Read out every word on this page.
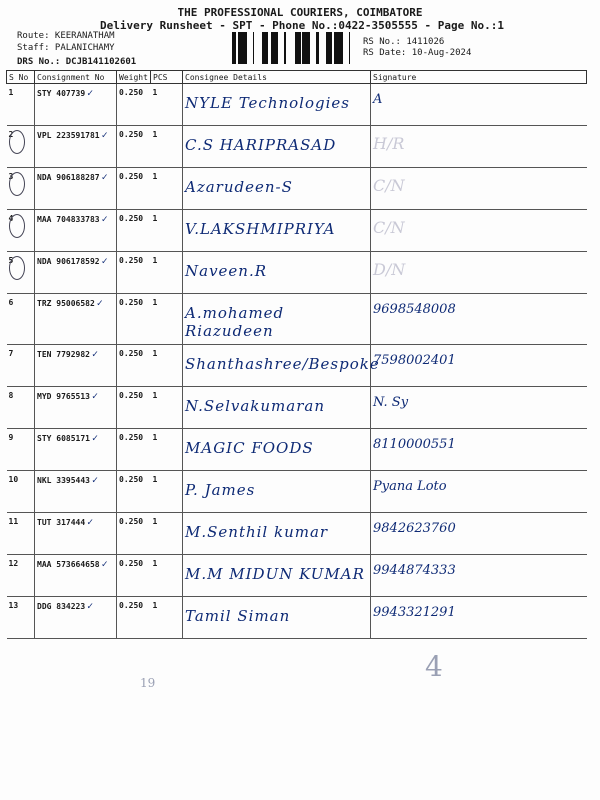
THE PROFESSIONAL COURIERS, COIMBATORE
Delivery Runsheet - SPT - Phone No.:0422-3505555 - Page No.:1
Route: KEERANATHAM
Staff: PALANICHAMY
DRS No.: DCJB141102601
RS No.: 1411026
RS Date: 10-Aug-2024
S No	Consignment No	Weight	PCS	Consignee Details	Signature
1	STY 407739 ✓	0.250	1	NYLE Technologies	A

2	VPL 223591781 ✓	0.250	1	C.S HARIPRASAD	H/R

3	NDA 906188287 ✓	0.250	1	Azarudeen-S	C/N

4	MAA 704833783 ✓	0.250	1	V.LAKSHMIPRIYA	C/N

5	NDA 906178592 ✓	0.250	1	Naveen.R	D/N

6	TRZ 95006582 ✓	0.250	1	A.mohamed Riazudeen	9698548008

7	TEN 7792982 ✓	0.250	1	Shanthashree/Bespoke	7598002401

8	MYD 9765513 ✓	0.250	1	N.Selvakumaran	N. Sy

9	STY 6085171 ✓	0.250	1	MAGIC FOODS	8110000551

10	NKL 3395443 ✓	0.250	1	P. James	Pyana Loto

11	TUT 317444 ✓	0.250	1	M.Senthil kumar	9842623760

12	MAA 573664658 ✓	0.250	1	M.M MIDUN KUMAR	9944874333

13	DDG 834223 ✓	0.250	1	Tamil Siman	9943321291
19	4
